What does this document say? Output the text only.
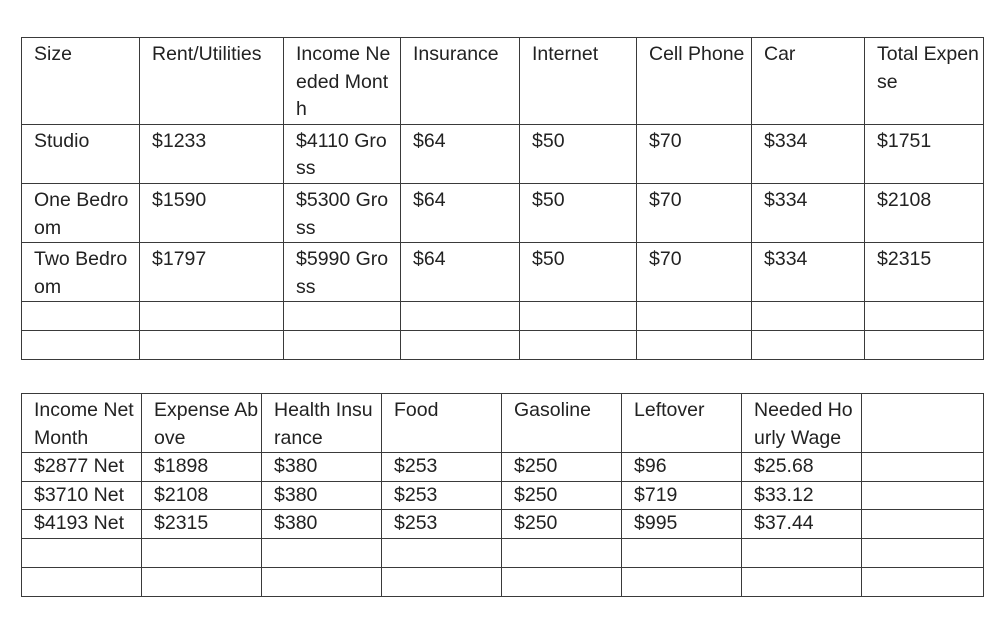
Size	Rent/Utilities	Income Needed Month	Insurance	Internet	Cell Phone	Car	Total Expense
Studio	$1233	$4110 Gross	$64	$50	$70	$334	$1751
One Bedroom	$1590	$5300 Gross	$64	$50	$70	$334	$2108
Two Bedroom	$1797	$5990 Gross	$64	$50	$70	$334	$2315

Income Net Month	Expense Above	Health Insurance	Food	Gasoline	Leftover	Needed Hourly Wage	
$2877 Net	$1898	$380	$253	$250	$96	$25.68	
$3710 Net	$2108	$380	$253	$250	$719	$33.12	
$4193 Net	$2315	$380	$253	$250	$995	$37.44	
